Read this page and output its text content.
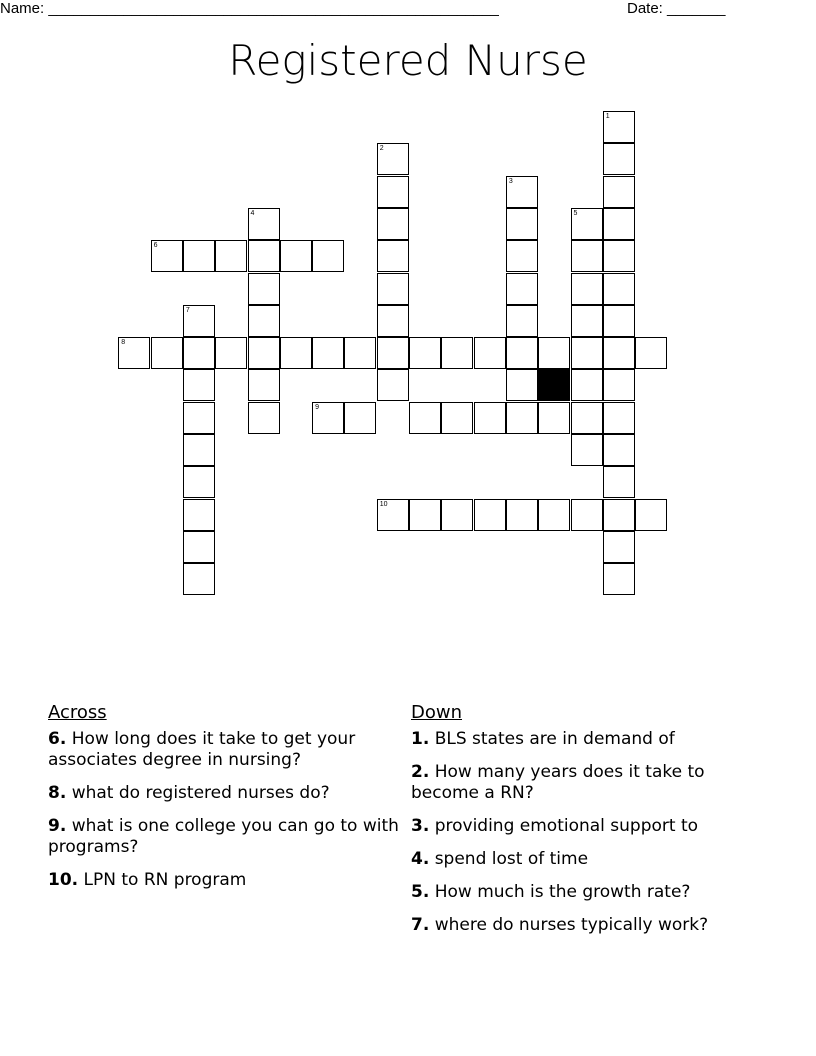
Name: ______________________________________________________	Date: _______
Registered Nurse
1
2
3
4	5
6
7
8
9
10
Across
6. How long does it take to get your associates degree in nursing?
8. what do registered nurses do?
9. what is one college you can go to with programs?
10. LPN to RN program
Down
1. BLS states are in demand of
2. How many years does it take to become a RN?
3. providing emotional support to
4. spend lost of time
5. How much is the growth rate?
7. where do nurses typically work?
